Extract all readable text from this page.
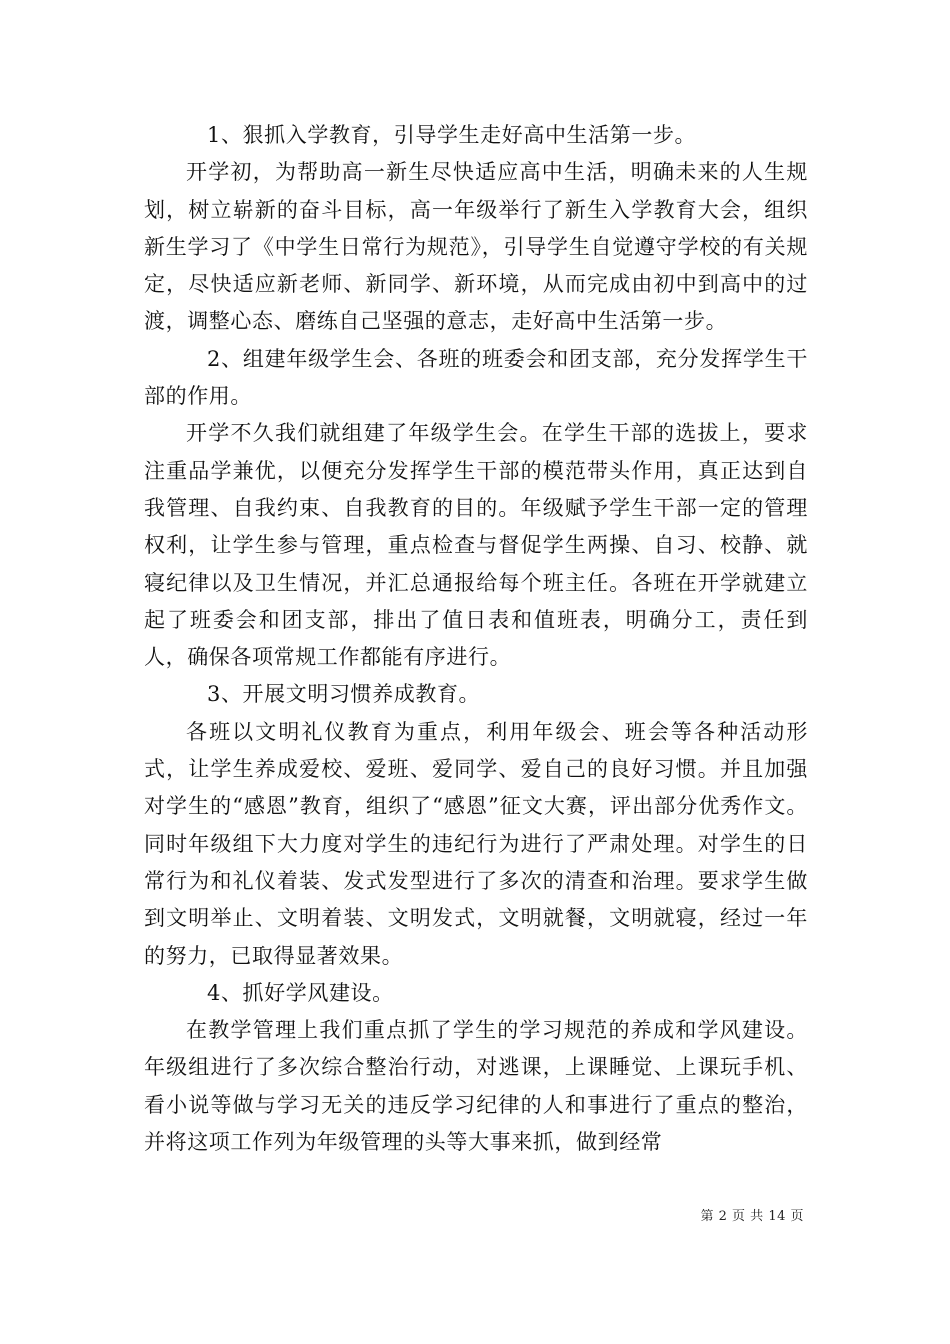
1、狠抓入学教育，引导学生走好高中生活第一步。

开学初，为帮助高一新生尽快适应高中生活，明确未来的人生规划，树立崭新的奋斗目标，高一年级举行了新生入学教育大会，组织新生学习了《中学生日常行为规范》，引导学生自觉遵守学校的有关规定，尽快适应新老师、新同学、新环境，从而完成由初中到高中的过渡，调整心态、磨练自己坚强的意志，走好高中生活第一步。

2、组建年级学生会、各班的班委会和团支部，充分发挥学生干部的作用。

开学不久我们就组建了年级学生会。在学生干部的选拔上，要求注重品学兼优，以便充分发挥学生干部的模范带头作用，真正达到自我管理、自我约束、自我教育的目的。年级赋予学生干部一定的管理权利，让学生参与管理，重点检查与督促学生两操、自习、校静、就寝纪律以及卫生情况，并汇总通报给每个班主任。各班在开学就建立起了班委会和团支部，排出了值日表和值班表，明确分工，责任到人，确保各项常规工作都能有序进行。

3、开展文明习惯养成教育。

各班以文明礼仪教育为重点，利用年级会、班会等各种活动形式，让学生养成爱校、爱班、爱同学、爱自己的良好习惯。并且加强对学生的“感恩”教育，组织了“感恩”征文大赛，评出部分优秀作文。同时年级组下大力度对学生的违纪行为进行了严肃处理。对学生的日常行为和礼仪着装、发式发型进行了多次的清查和治理。要求学生做到文明举止、文明着装、文明发式，文明就餐，文明就寝，经过一年的努力，已取得显著效果。

4、抓好学风建设。

在教学管理上我们重点抓了学生的学习规范的养成和学风建设。年级组进行了多次综合整治行动，对逃课，上课睡觉、上课玩手机、看小说等做与学习无关的违反学习纪律的人和事进行了重点的整治，并将这项工作列为年级管理的头等大事来抓，做到经常

第 2 页 共 14 页
